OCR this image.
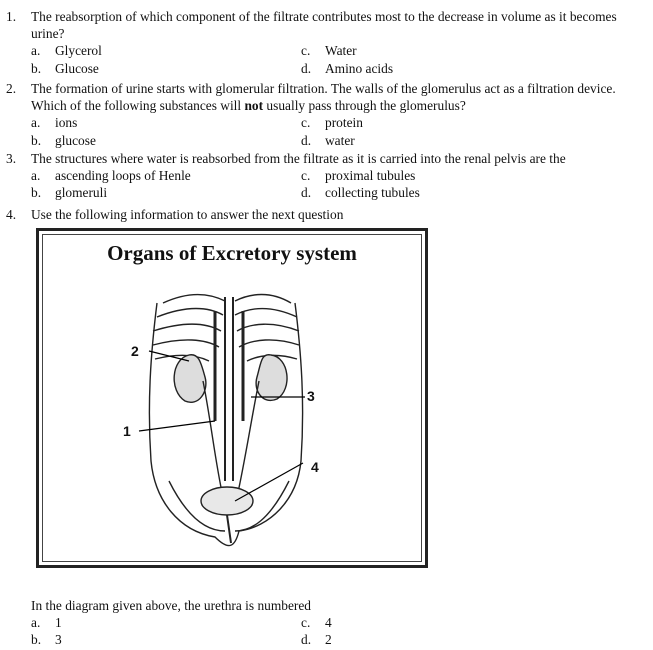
1.	The reabsorption of which component of the filtrate contributes most to the decrease in volume as it becomes urine?
a.	Glycerol	c.	Water
b.	Glucose	d.	Amino acids
2.	The formation of urine starts with glomerular filtration. The walls of the glomerulus act as a filtration device. Which of the following substances will not usually pass through the glomerulus?
a.	ions	c.	protein
b.	glucose	d.	water
3.	The structures where water is reabsorbed from the filtrate as it is carried into the renal pelvis are the
a.	ascending loops of Henle	c.	proximal tubules
b.	glomeruli	d.	collecting tubules
4.	Use the following information to answer the next question
Organs of Excretory system
2
3
1
4
In the diagram given above, the urethra is numbered
a.	1	c.	4
b.	3	d.	2
